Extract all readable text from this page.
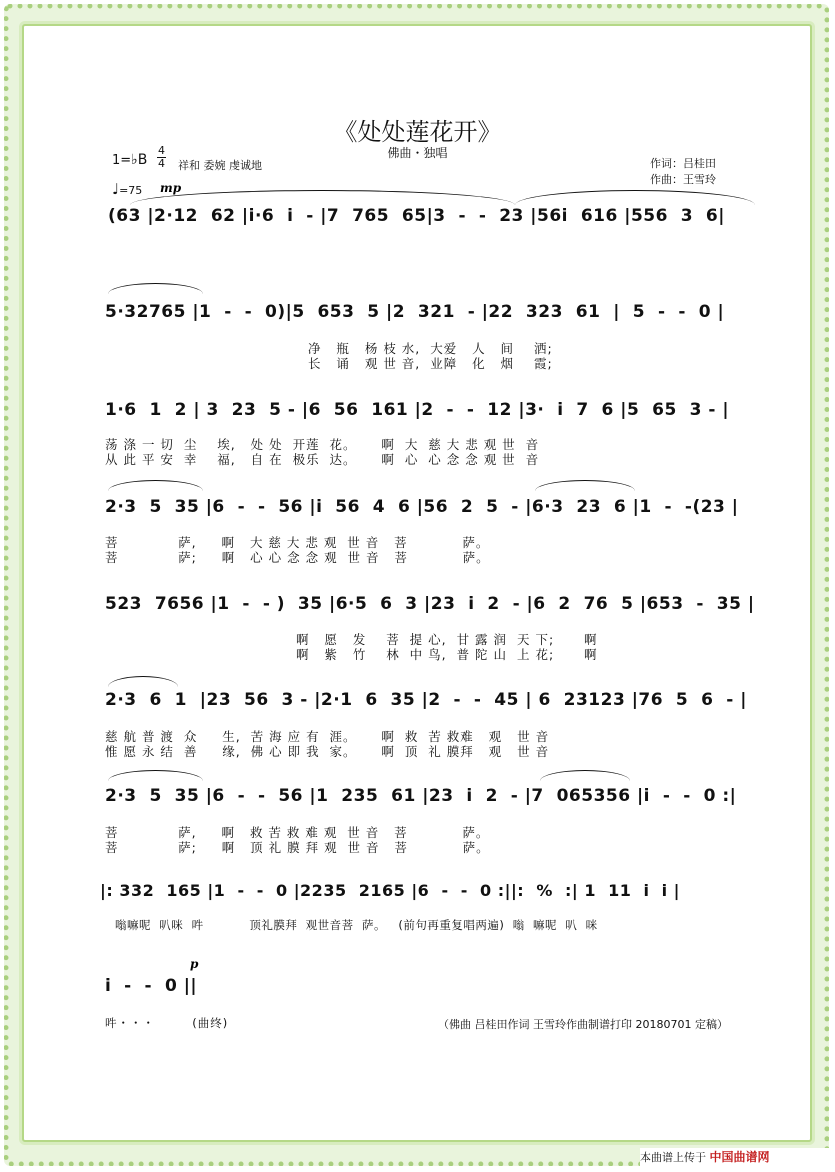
《处处莲花开》
佛曲・独唱
1=♭B
4
4 祥和 委婉 虔诚地
♩=75 mp
作词：吕桂田
作曲：王雪玲
(63 |2·12  62 |i·6  i  - |7  765  65|3  -  -  23 |56i  616 |556  3  6|
5·32765 |1  -  -  0)|5  653  5 |2  321  - |22  323  61  |  5  -  -  0 |
净   瓶   杨 枝 水,  大爱   人   间    洒;
长   诵   观 世 音,  业障   化   烟    霞;
1·6  1  2 | 3  23  5 - |6  56  161 |2  -  -  12 |3·  i  7  6 |5  65  3 - |
荡 涤 一 切  尘    埃,   处 处  开莲  花。     啊  大  慈 大 悲 观 世  音
从 此 平 安  幸    福,   自 在  极乐  达。     啊  心  心 念 念 观 世  音
2·3  5  35 |6  -  -  56 |i  56  4  6 |56  2  5  - |6·3  23  6 |1  -  -(23 |
菩            萨,     啊   大 慈 大 悲 观  世 音   菩           萨。
菩            萨;     啊   心 心 念 念 观  世 音   菩           萨。
523  7656 |1  -  - )  35 |6·5  6  3 |23  i  2  - |6  2  76  5 |653  -  35 |
啊   愿   发    菩  提 心,  甘 露 润  天 下;      啊
啊   紫   竹    林  中 鸟,  普 陀 山  上 花;      啊
2·3  6  1  |23  56  3 - |2·1  6  35 |2  -  -  45 | 6  23123 |76  5  6  - |
慈 航 普 渡  众     生,  苦 海 应 有  涯。     啊  救  苦 救难   观   世 音
惟 愿 永 结  善     缘,  佛 心 即 我  家。     啊  顶  礼 膜拜   观   世 音
2·3  5  35 |6  -  -  56 |1  235  61 |23  i  2  - |7  065356 |i  -  -  0 :|
菩            萨,     啊   救 苦 救 难 观  世 音   菩           萨。
菩            萨;     啊   顶 礼 膜 拜 观  世 音   菩           萨。
|: 332  165 |1  -  -  0 |2235  2165 |6  -  -  0 :||:  %  :| 1  11  i  i |
嗡嘛呢  叭咪  吽           顶礼膜拜  观世音菩  萨。   (前句再重复唱两遍)  嗡  嘛呢  叭  咪
p
i  -  -  0 ||
吽・・・        (曲终)	（佛曲 吕桂田作词 王雪玲作曲制谱打印 20180701 定稿）
本曲谱上传于 中国曲谱网
